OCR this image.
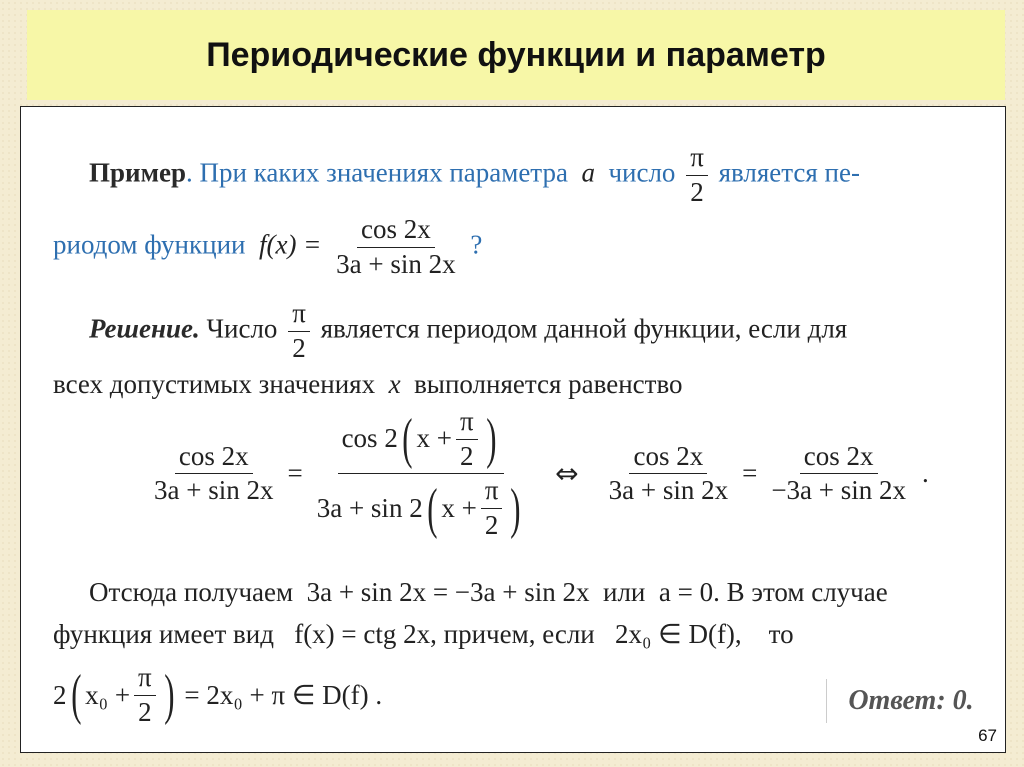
Периодические функции и параметр
Пример. При каких значениях параметра a число $\frac{\pi}{2}$ является пе-
риодом функции $f(x) = \frac{\cos 2x}{3a + \sin 2x}$ ?
Решение. Число $\frac{\pi}{2}$ является периодом данной функции, если для
всех допустимых значениях x выполняется равенство
$\frac{\cos 2x}{3a + \sin 2x}$ =
cos 2 ( $x + \frac{\pi}{2}$ )
3a + sin 2 ( $x + \frac{\pi}{2}$ )
⇔ $\frac{\cos 2x}{3a + \sin 2x} = \frac{\cos 2x}{-3a + \sin 2x}$ .
Отсюда получаем 3a + sin 2x = −3a + sin 2x или a = 0. В этом случае
функция имеет вид f(x) = ctg 2x, причем, если 2x₀ ∈ D(f), то
2 ( $x_0 + \frac{\pi}{2}$ ) = 2x₀ + π ∈ D(f) .	Ответ: 0.
67
